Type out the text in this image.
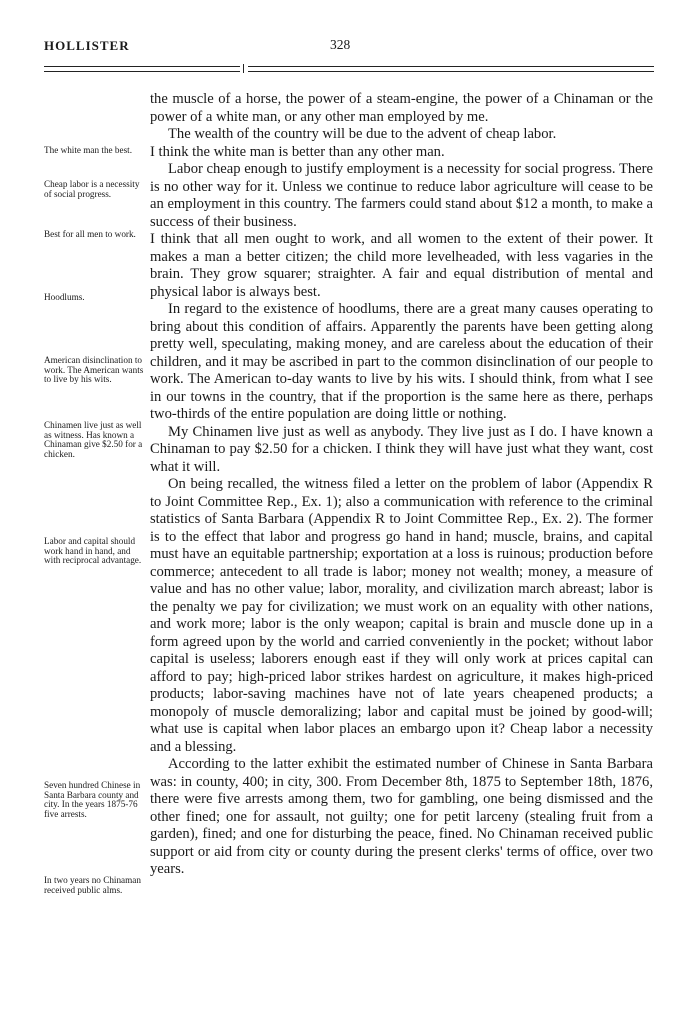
HOLLISTER	328
The white man the best.
Cheap labor is a necessity of social progress.
Best for all men to work.
Hoodlums.
American disinclination to work. The American wants to live by his wits.
Chinamen live just as well as witness. Has known a Chinaman give $2.50 for a chicken.
Labor and capital should work hand in hand, and with reciprocal advantage.
Seven hundred Chinese in Santa Barbara county and city. In the years 1875-76 five arrests.
In two years no Chinaman received public alms.

the muscle of a horse, the power of a steam-engine, the power of a Chinaman or the power of a white man, or any other man employed by me.

The wealth of the country will be due to the advent of cheap labor.

I think the white man is better than any other man.

Labor cheap enough to justify employment is a necessity for social progress. There is no other way for it. Unless we continue to reduce labor agriculture will cease to be an employment in this country. The farmers could stand about $12 a month, to make a success of their business.

I think that all men ought to work, and all women to the extent of their power. It makes a man a better citizen; the child more levelheaded, with less vagaries in the brain. They grow squarer; straighter. A fair and equal distribution of mental and physical labor is always best.

In regard to the existence of hoodlums, there are a great many causes operating to bring about this condition of affairs. Apparently the parents have been getting along pretty well, speculating, making money, and are careless about the education of their children, and it may be ascribed in part to the common disinclination of our people to work. The American to-day wants to live by his wits. I should think, from what I see in our towns in the country, that if the proportion is the same here as there, perhaps two-thirds of the entire population are doing little or nothing.

My Chinamen live just as well as anybody. They live just as I do. I have known a Chinaman to pay $2.50 for a chicken. I think they will have just what they want, cost what it will.

On being recalled, the witness filed a letter on the problem of labor (Appendix R to Joint Committee Rep., Ex. 1); also a communication with reference to the criminal statistics of Santa Barbara (Appendix R to Joint Committee Rep., Ex. 2). The former is to the effect that labor and progress go hand in hand; muscle, brains, and capital must have an equitable partnership; exportation at a loss is ruinous; production before commerce; antecedent to all trade is labor; money not wealth; money, a measure of value and has no other value; labor, morality, and civilization march abreast; labor is the penalty we pay for civilization; we must work on an equality with other nations, and work more; labor is the only weapon; capital is brain and muscle done up in a form agreed upon by the world and carried conveniently in the pocket; without labor capital is useless; laborers enough east if they will only work at prices capital can afford to pay; high-priced labor strikes hardest on agriculture, it makes high-priced products; labor-saving machines have not of late years cheapened products; a monopoly of muscle demoralizing; labor and capital must be joined by good-will; what use is capital when labor places an embargo upon it? Cheap labor a necessity and a blessing.

According to the latter exhibit the estimated number of Chinese in Santa Barbara was: in county, 400; in city, 300. From December 8th, 1875 to September 18th, 1876, there were five arrests among them, two for gambling, one being dismissed and the other fined; one for assault, not guilty; one for petit larceny (stealing fruit from a garden), fined; and one for disturbing the peace, fined. No Chinaman received public support or aid from city or county during the present clerks' terms of office, over two years.
